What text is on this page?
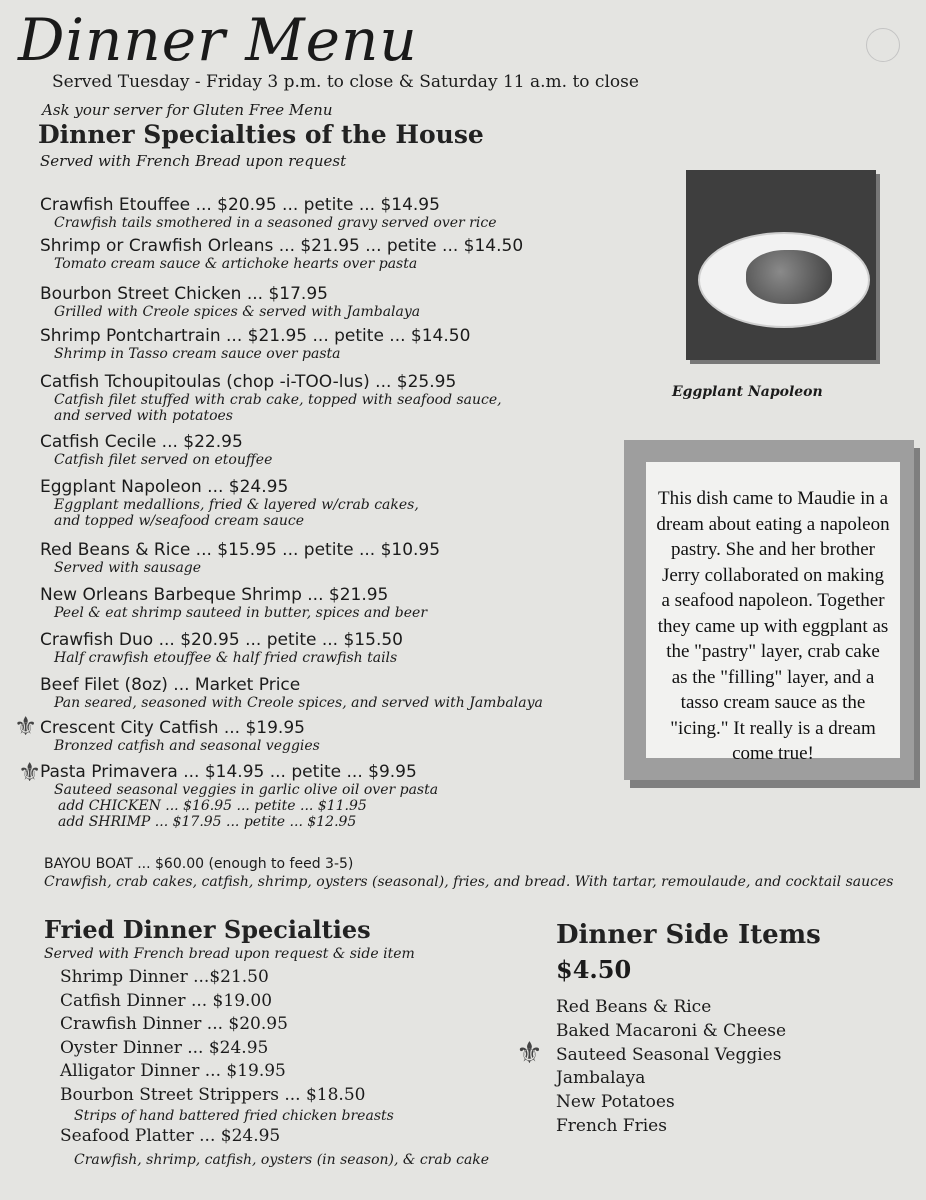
Dinner Menu
Served Tuesday - Friday 3 p.m. to close & Saturday 11 a.m. to close
Ask your server for Gluten Free Menu
Dinner Specialties of the House
Served with French Bread upon request
Crawfish Etouffee ... $20.95 ... petite ... $14.95
Crawfish tails smothered in a seasoned gravy served over rice
Shrimp or Crawfish Orleans ... $21.95 ... petite ... $14.50
Tomato cream sauce & artichoke hearts over pasta
Bourbon Street Chicken ... $17.95
Grilled with Creole spices & served with Jambalaya
Shrimp Pontchartrain ... $21.95 ... petite ... $14.50
Shrimp in Tasso cream sauce over pasta
Catfish Tchoupitoulas (chop -i-TOO-lus) ... $25.95
Catfish filet stuffed with crab cake, topped with seafood sauce,
and served with potatoes
Catfish Cecile ... $22.95
Catfish filet served on etouffee
Eggplant Napoleon ... $24.95
Eggplant medallions, fried & layered w/crab cakes,
and topped w/seafood cream sauce
Red Beans & Rice ... $15.95 ... petite ... $10.95
Served with sausage
New Orleans Barbeque Shrimp ... $21.95
Peel & eat shrimp sauteed in butter, spices and beer
Crawfish Duo ... $20.95 ... petite ... $15.50
Half crawfish etouffee & half fried crawfish tails
Beef Filet (8oz) ... Market Price
Pan seared, seasoned with Creole spices, and served with Jambalaya
⚜ Crescent City Catfish ... $19.95
Bronzed catfish and seasonal veggies
⚜
Pasta Primavera ... $14.95 ... petite ... $9.95
Sauteed seasonal veggies in garlic olive oil over pasta
add CHICKEN ... $16.95 ... petite ... $11.95
add SHRIMP ... $17.95 ... petite ... $12.95
BAYOU BOAT ... $60.00 (enough to feed 3-5)
Crawfish, crab cakes, catfish, shrimp, oysters (seasonal), fries, and bread. With tartar, remoulaude, and cocktail sauces
Eggplant Napoleon
This dish came to Maudie in a dream about eating a napoleon pastry. She and her brother Jerry collaborated on making a seafood napoleon. Together they came up with eggplant as the "pastry" layer, crab cake as the "filling" layer, and a tasso cream sauce as the "icing." It really is a dream come true!
Fried Dinner Specialties
Served with French bread upon request & side item
Shrimp Dinner ...$21.50
Catfish Dinner ... $19.00
Crawfish Dinner ... $20.95
Oyster Dinner ... $24.95
Alligator Dinner ... $19.95
Bourbon Street Strippers ... $18.50
Strips of hand battered fried chicken breasts
Seafood Platter ... $24.95
Crawfish, shrimp, catfish, oysters (in season), & crab cake
Dinner Side Items
$4.50
⚜
Red Beans & Rice
Baked Macaroni & Cheese
Sauteed Seasonal Veggies
Jambalaya
New Potatoes
French Fries
